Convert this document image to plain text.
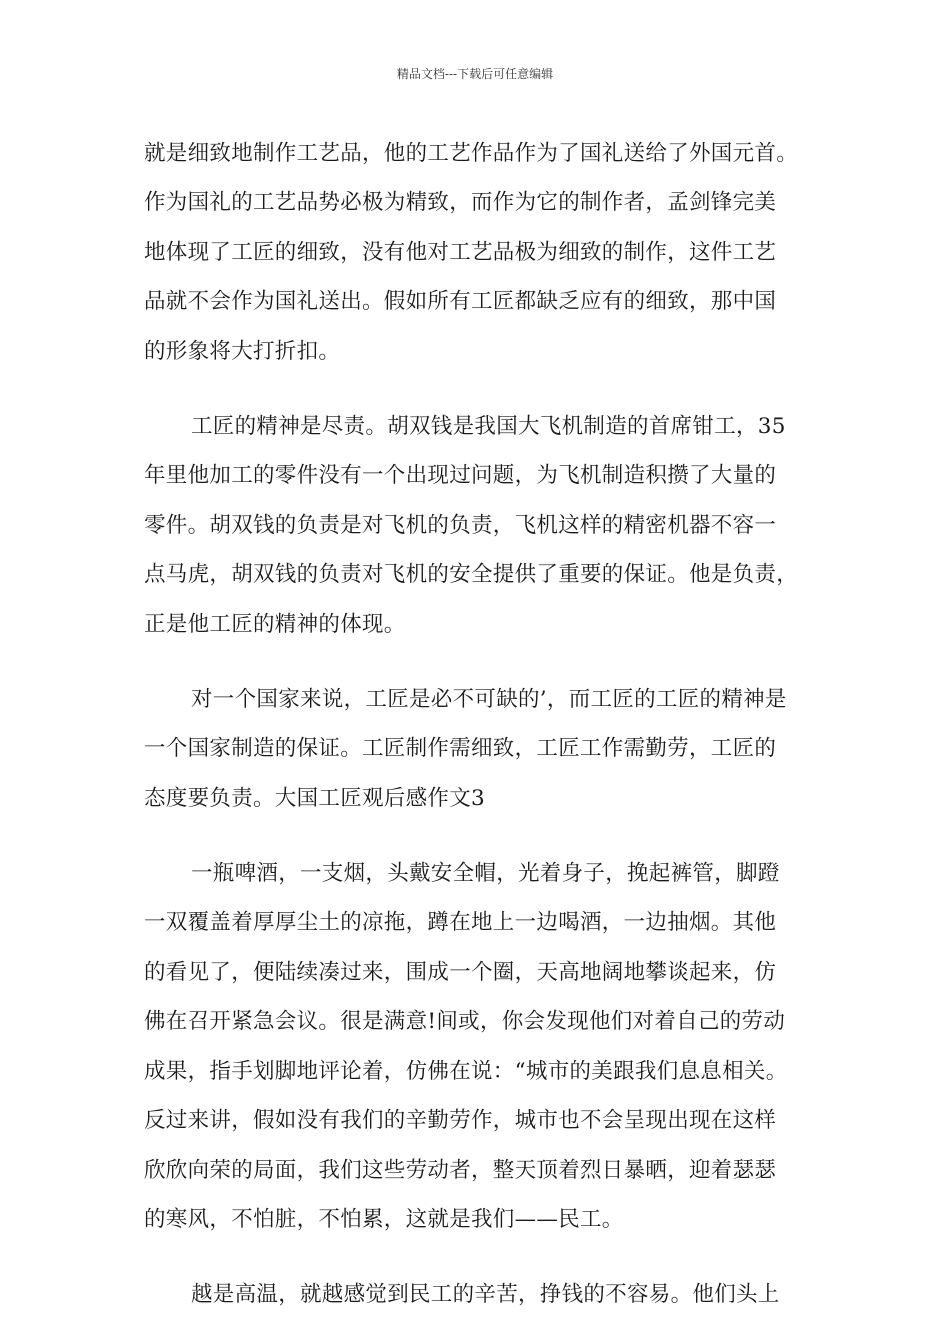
精品文档---下载后可任意编辑
就是细致地制作工艺品，他的工艺作品作为了国礼送给了外国元首。
作为国礼的工艺品势必极为精致，而作为它的制作者，孟剑锋完美
地体现了工匠的细致，没有他对工艺品极为细致的制作，这件工艺
品就不会作为国礼送出。假如所有工匠都缺乏应有的细致，那中国
的形象将大打折扣。
工匠的精神是尽责。胡双钱是我国大飞机制造的首席钳工，35
年里他加工的零件没有一个出现过问题，为飞机制造积攒了大量的
零件。胡双钱的负责是对飞机的负责，飞机这样的精密机器不容一
点马虎，胡双钱的负责对飞机的安全提供了重要的保证。他是负责，
正是他工匠的精神的体现。
对一个国家来说，工匠是必不可缺的’，而工匠的工匠的精神是
一个国家制造的保证。工匠制作需细致，工匠工作需勤劳，工匠的
态度要负责。大国工匠观后感作文3
一瓶啤酒，一支烟，头戴安全帽，光着身子，挽起裤管，脚蹬
一双覆盖着厚厚尘土的凉拖，蹲在地上一边喝酒，一边抽烟。其他
的看见了，便陆续凑过来，围成一个圈，天高地阔地攀谈起来，仿
佛在召开紧急会议。很是满意!间或，你会发现他们对着自己的劳动
成果，指手划脚地评论着，仿佛在说：“城市的美跟我们息息相关。
反过来讲，假如没有我们的辛勤劳作，城市也不会呈现出现在这样
欣欣向荣的局面，我们这些劳动者，整天顶着烈日暴晒，迎着瑟瑟
的寒风，不怕脏，不怕累，这就是我们——民工。
越是高温，就越感觉到民工的辛苦，挣钱的不容易。他们头上
